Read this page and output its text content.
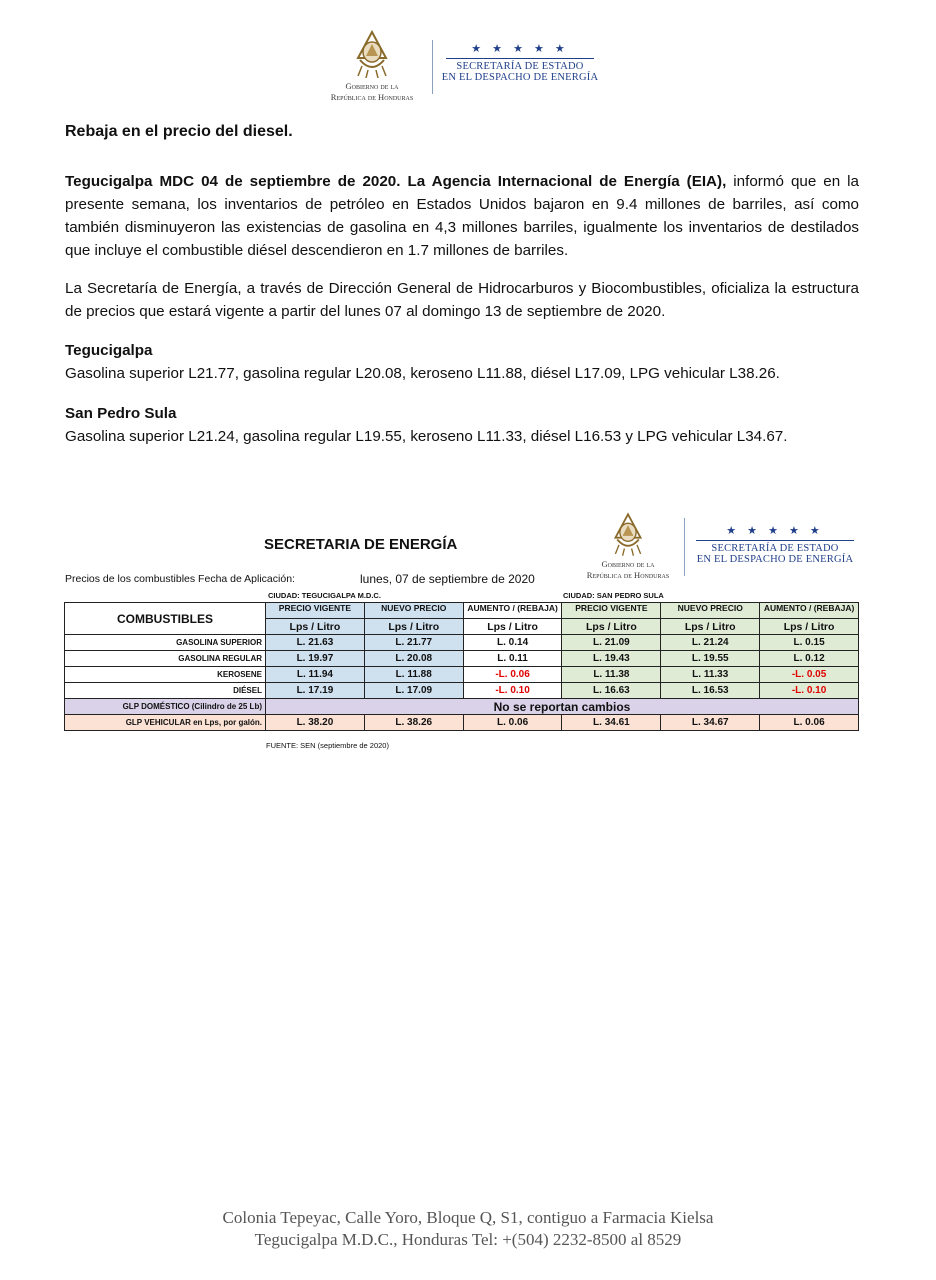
Gobierno de la
República de Honduras
★ ★ ★ ★ ★
SECRETARÍA DE ESTADO
EN EL DESPACHO DE ENERGÍA
Rebaja en el precio del diesel.

Tegucigalpa MDC 04 de septiembre de 2020. La Agencia Internacional de Energía (EIA), informó que en la presente semana, los inventarios de petróleo en Estados Unidos bajaron en 9.4 millones de barriles, así como también disminuyeron las existencias de gasolina en 4,3 millones barriles, igualmente los inventarios de destilados que incluye el combustible diésel descendieron en 1.7 millones de barriles.

La Secretaría de Energía, a través de Dirección General de Hidrocarburos y Biocombustibles, oficializa la estructura de precios que estará vigente a partir del lunes 07 al domingo 13 de septiembre de 2020.

Tegucigalpa

Gasolina superior L21.77, gasolina regular L20.08, keroseno L11.88, diésel L17.09, LPG vehicular L38.26.

San Pedro Sula

Gasolina superior L21.24, gasolina regular L19.55, keroseno L11.33, diésel L16.53 y LPG vehicular L34.67.

SECRETARIA DE ENERGÍA
Gobierno de la
República de Honduras
★ ★ ★ ★ ★
SECRETARÍA DE ESTADO
EN EL DESPACHO DE ENERGÍA
Precios de los combustibles Fecha de Aplicación:	lunes, 07 de septiembre de 2020
CIUDAD: TEGUCIGALPA M.D.C.	CIUDAD: SAN PEDRO SULA
COMBUSTIBLES	PRECIO VIGENTE	NUEVO PRECIO	AUMENTO / (REBAJA)	PRECIO VIGENTE	NUEVO PRECIO	AUMENTO / (REBAJA)
	Lps / Litro	Lps / Litro	Lps / Litro	Lps / Litro	Lps / Litro	Lps / Litro
GASOLINA SUPERIOR	L. 21.63	L. 21.77	L. 0.14	L. 21.09	L. 21.24	L. 0.15
GASOLINA REGULAR	L. 19.97	L. 20.08	L. 0.11	L. 19.43	L. 19.55	L. 0.12
KEROSENE	L. 11.94	L. 11.88	-L. 0.06	L. 11.38	L. 11.33	-L. 0.05
DIÉSEL	L. 17.19	L. 17.09	-L. 0.10	L. 16.63	L. 16.53	-L. 0.10
GLP DOMÉSTICO (Cilindro de 25 Lb)	No se reportan cambios					
GLP VEHICULAR en Lps, por galón.	L. 38.20	L. 38.26	L. 0.06	L. 34.61	L. 34.67	L. 0.06
FUENTE: SEN (septiembre de 2020)
Colonia Tepeyac, Calle Yoro, Bloque Q, S1, contiguo a Farmacia Kielsa
Tegucigalpa M.D.C., Honduras Tel: +(504) 2232-8500 al 8529
